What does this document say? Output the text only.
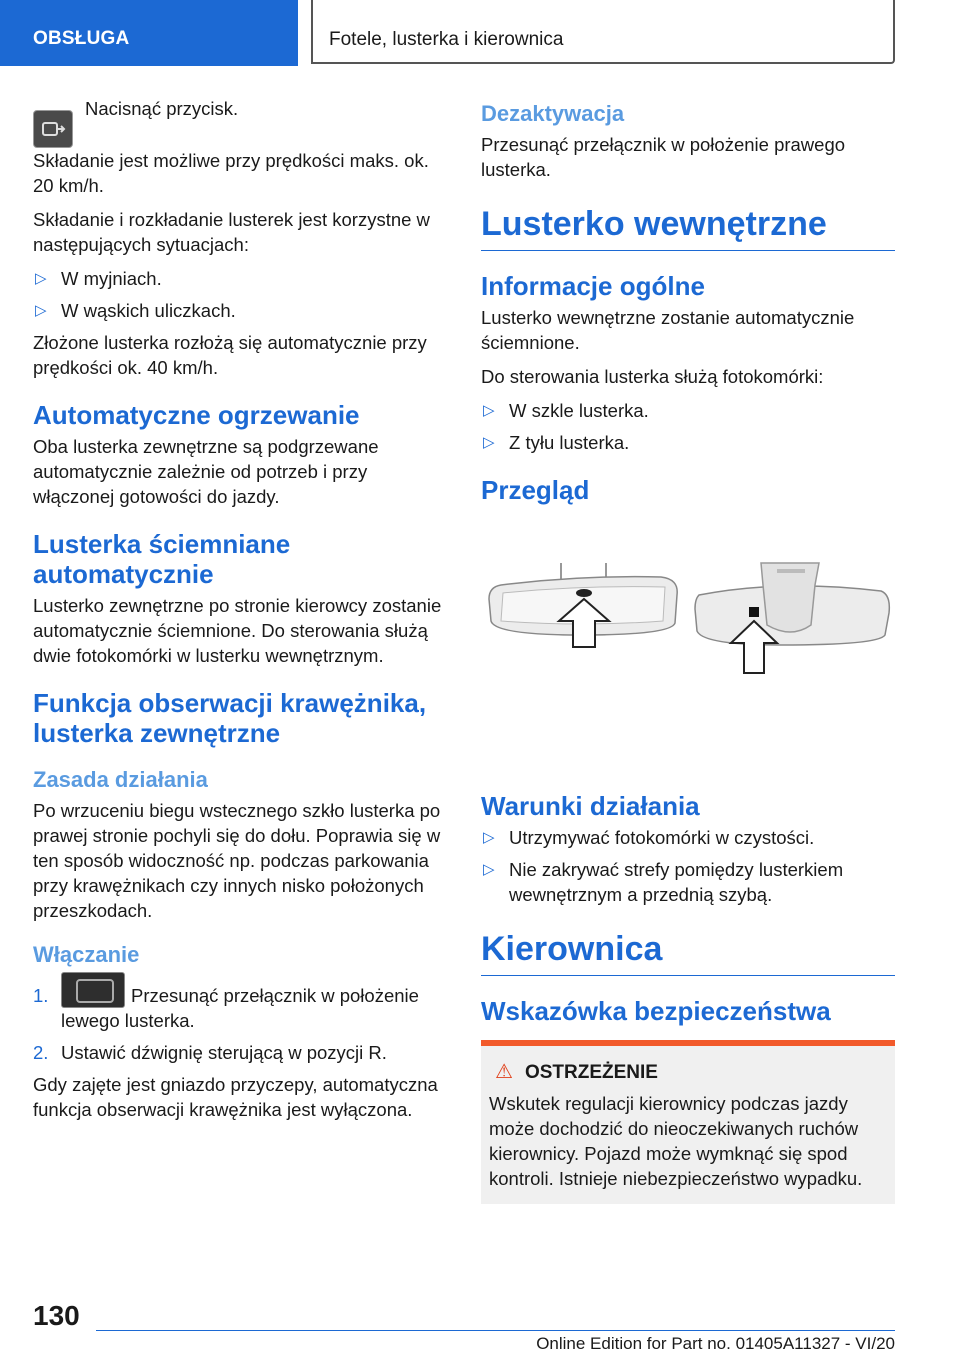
OBSŁUGA	Fotele, lusterka i kierownica
Nacisnąć przycisk.

Składanie jest możliwe przy prędkości maks. ok. 20 km/h.

Składanie i rozkładanie lusterek jest korzystne w następujących sytuacjach:

▷ W myjniach.
▷ W wąskich uliczkach.

Złożone lusterka rozłożą się automatycznie przy prędkości ok. 40 km/h.

Automatyczne ogrzewanie

Oba lusterka zewnętrzne są podgrzewane automatycznie zależnie od potrzeb i przy włączonej gotowości do jazdy.

Lusterka ściemniane automatycznie

Lusterko zewnętrzne po stronie kierowcy zostanie automatycznie ściemnione. Do sterowania służą dwie fotokomórki w lusterku wewnętrznym.

Funkcja obserwacji krawężnika, lusterka zewnętrzne
Zasada działania

Po wrzuceniu biegu wstecznego szkło lusterka po prawej stronie pochyli się do dołu. Poprawia się w ten sposób widoczność np. podczas parkowania przy krawężnikach czy innych nisko położonych przeszkodach.

Włączanie
1.	Przesunąć przełącznik w położenie lewego lusterka.
2. Ustawić dźwignię sterującą w pozycji R.

Gdy zajęte jest gniazdo przyczepy, automatyczna funkcja obserwacji krawężnika jest wyłączona.

Dezaktywacja

Przesunąć przełącznik w położenie prawego lusterka.

Lusterko wewnętrzne
Informacje ogólne

Lusterko wewnętrzne zostanie automatycznie ściemnione.

Do sterowania lusterka służą fotokomórki:

▷ W szkle lusterka.
▷ Z tyłu lusterka.
Przegląd
Warunki działania
▷ Utrzymywać fotokomórki w czystości.
▷ Nie zakrywać strefy pomiędzy lusterkiem wewnętrznym a przednią szybą.
Kierownica
Wskazówka bezpieczeństwa
⚠ OSTRZEŻENIE

Wskutek regulacji kierownicy podczas jazdy może dochodzić do nieoczekiwanych ruchów kierownicy. Pojazd może wymknąć się spod kontroli. Istnieje niebezpieczeństwo wypadku.

130
Online Edition for Part no. 01405A11327 - VI/20
